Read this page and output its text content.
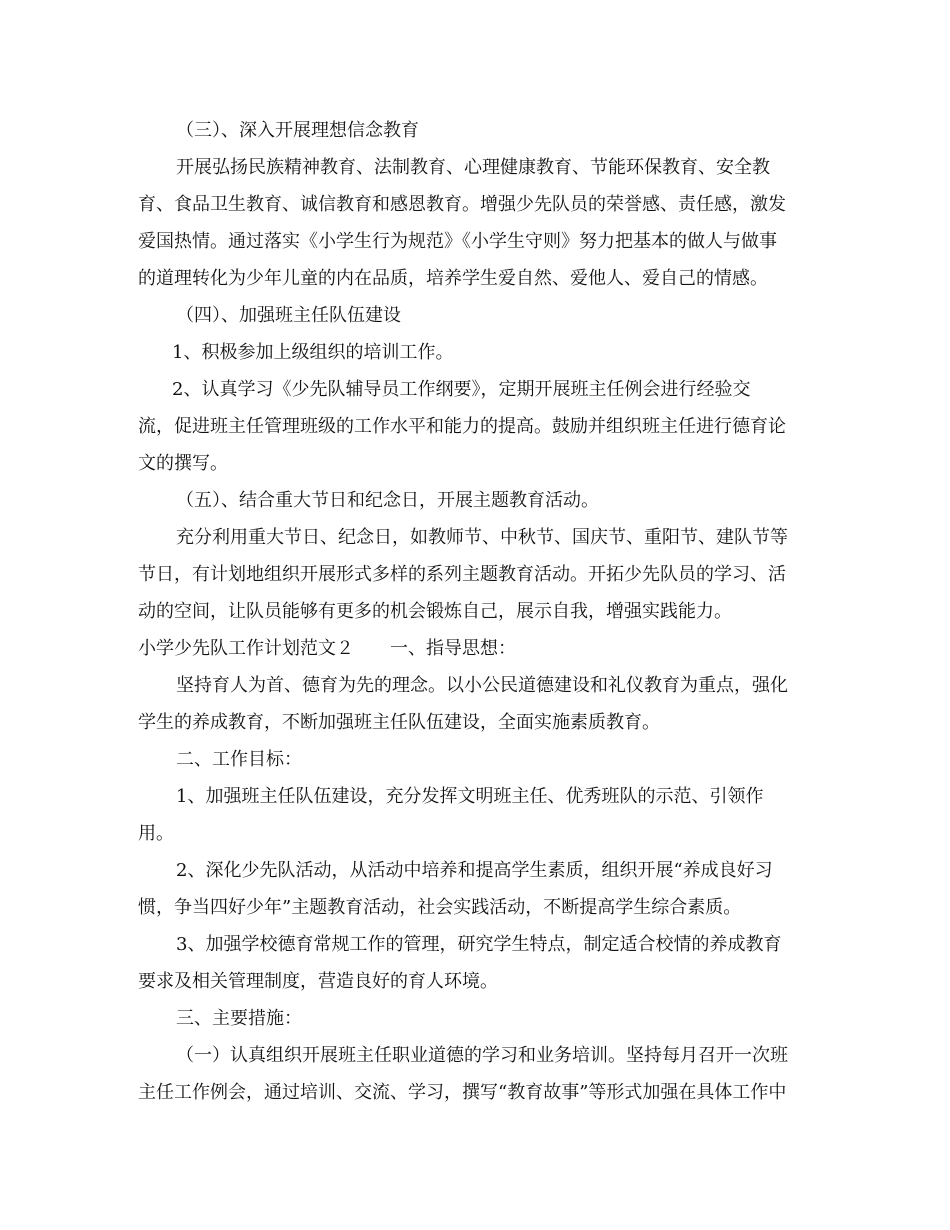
（三）、深入开展理想信念教育
开展弘扬民族精神教育、法制教育、心理健康教育、节能环保教育、安全教
育、食品卫生教育、诚信教育和感恩教育。增强少先队员的荣誉感、责任感，激发
爱国热情。通过落实《小学生行为规范》《小学生守则》努力把基本的做人与做事
的道理转化为少年儿童的内在品质，培养学生爱自然、爱他人、爱自己的情感。
（四）、加强班主任队伍建设
1、积极参加上级组织的培训工作。
2、认真学习《少先队辅导员工作纲要》，定期开展班主任例会进行经验交
流，促进班主任管理班级的工作水平和能力的提高。鼓励并组织班主任进行德育论
文的撰写。
（五）、结合重大节日和纪念日，开展主题教育活动。
充分利用重大节日、纪念日，如教师节、中秋节、国庆节、重阳节、建队节等
节日，有计划地组织开展形式多样的系列主题教育活动。开拓少先队员的学习、活
动的空间，让队员能够有更多的机会锻炼自己，展示自我，增强实践能力。
小学少先队工作计划范文２　　一、指导思想：
坚持育人为首、德育为先的理念。以小公民道德建设和礼仪教育为重点，强化
学生的养成教育，不断加强班主任队伍建设，全面实施素质教育。
二、工作目标：
1、加强班主任队伍建设，充分发挥文明班主任、优秀班队的示范、引领作
用。
2、深化少先队活动，从活动中培养和提高学生素质，组织开展“养成良好习
惯，争当四好少年”主题教育活动，社会实践活动，不断提高学生综合素质。
3、加强学校德育常规工作的管理，研究学生特点，制定适合校情的养成教育
要求及相关管理制度，营造良好的育人环境。
三、主要措施：
（一）认真组织开展班主任职业道德的学习和业务培训。坚持每月召开一次班
主任工作例会，通过培训、交流、学习，撰写“教育故事”等形式加强在具体工作中
